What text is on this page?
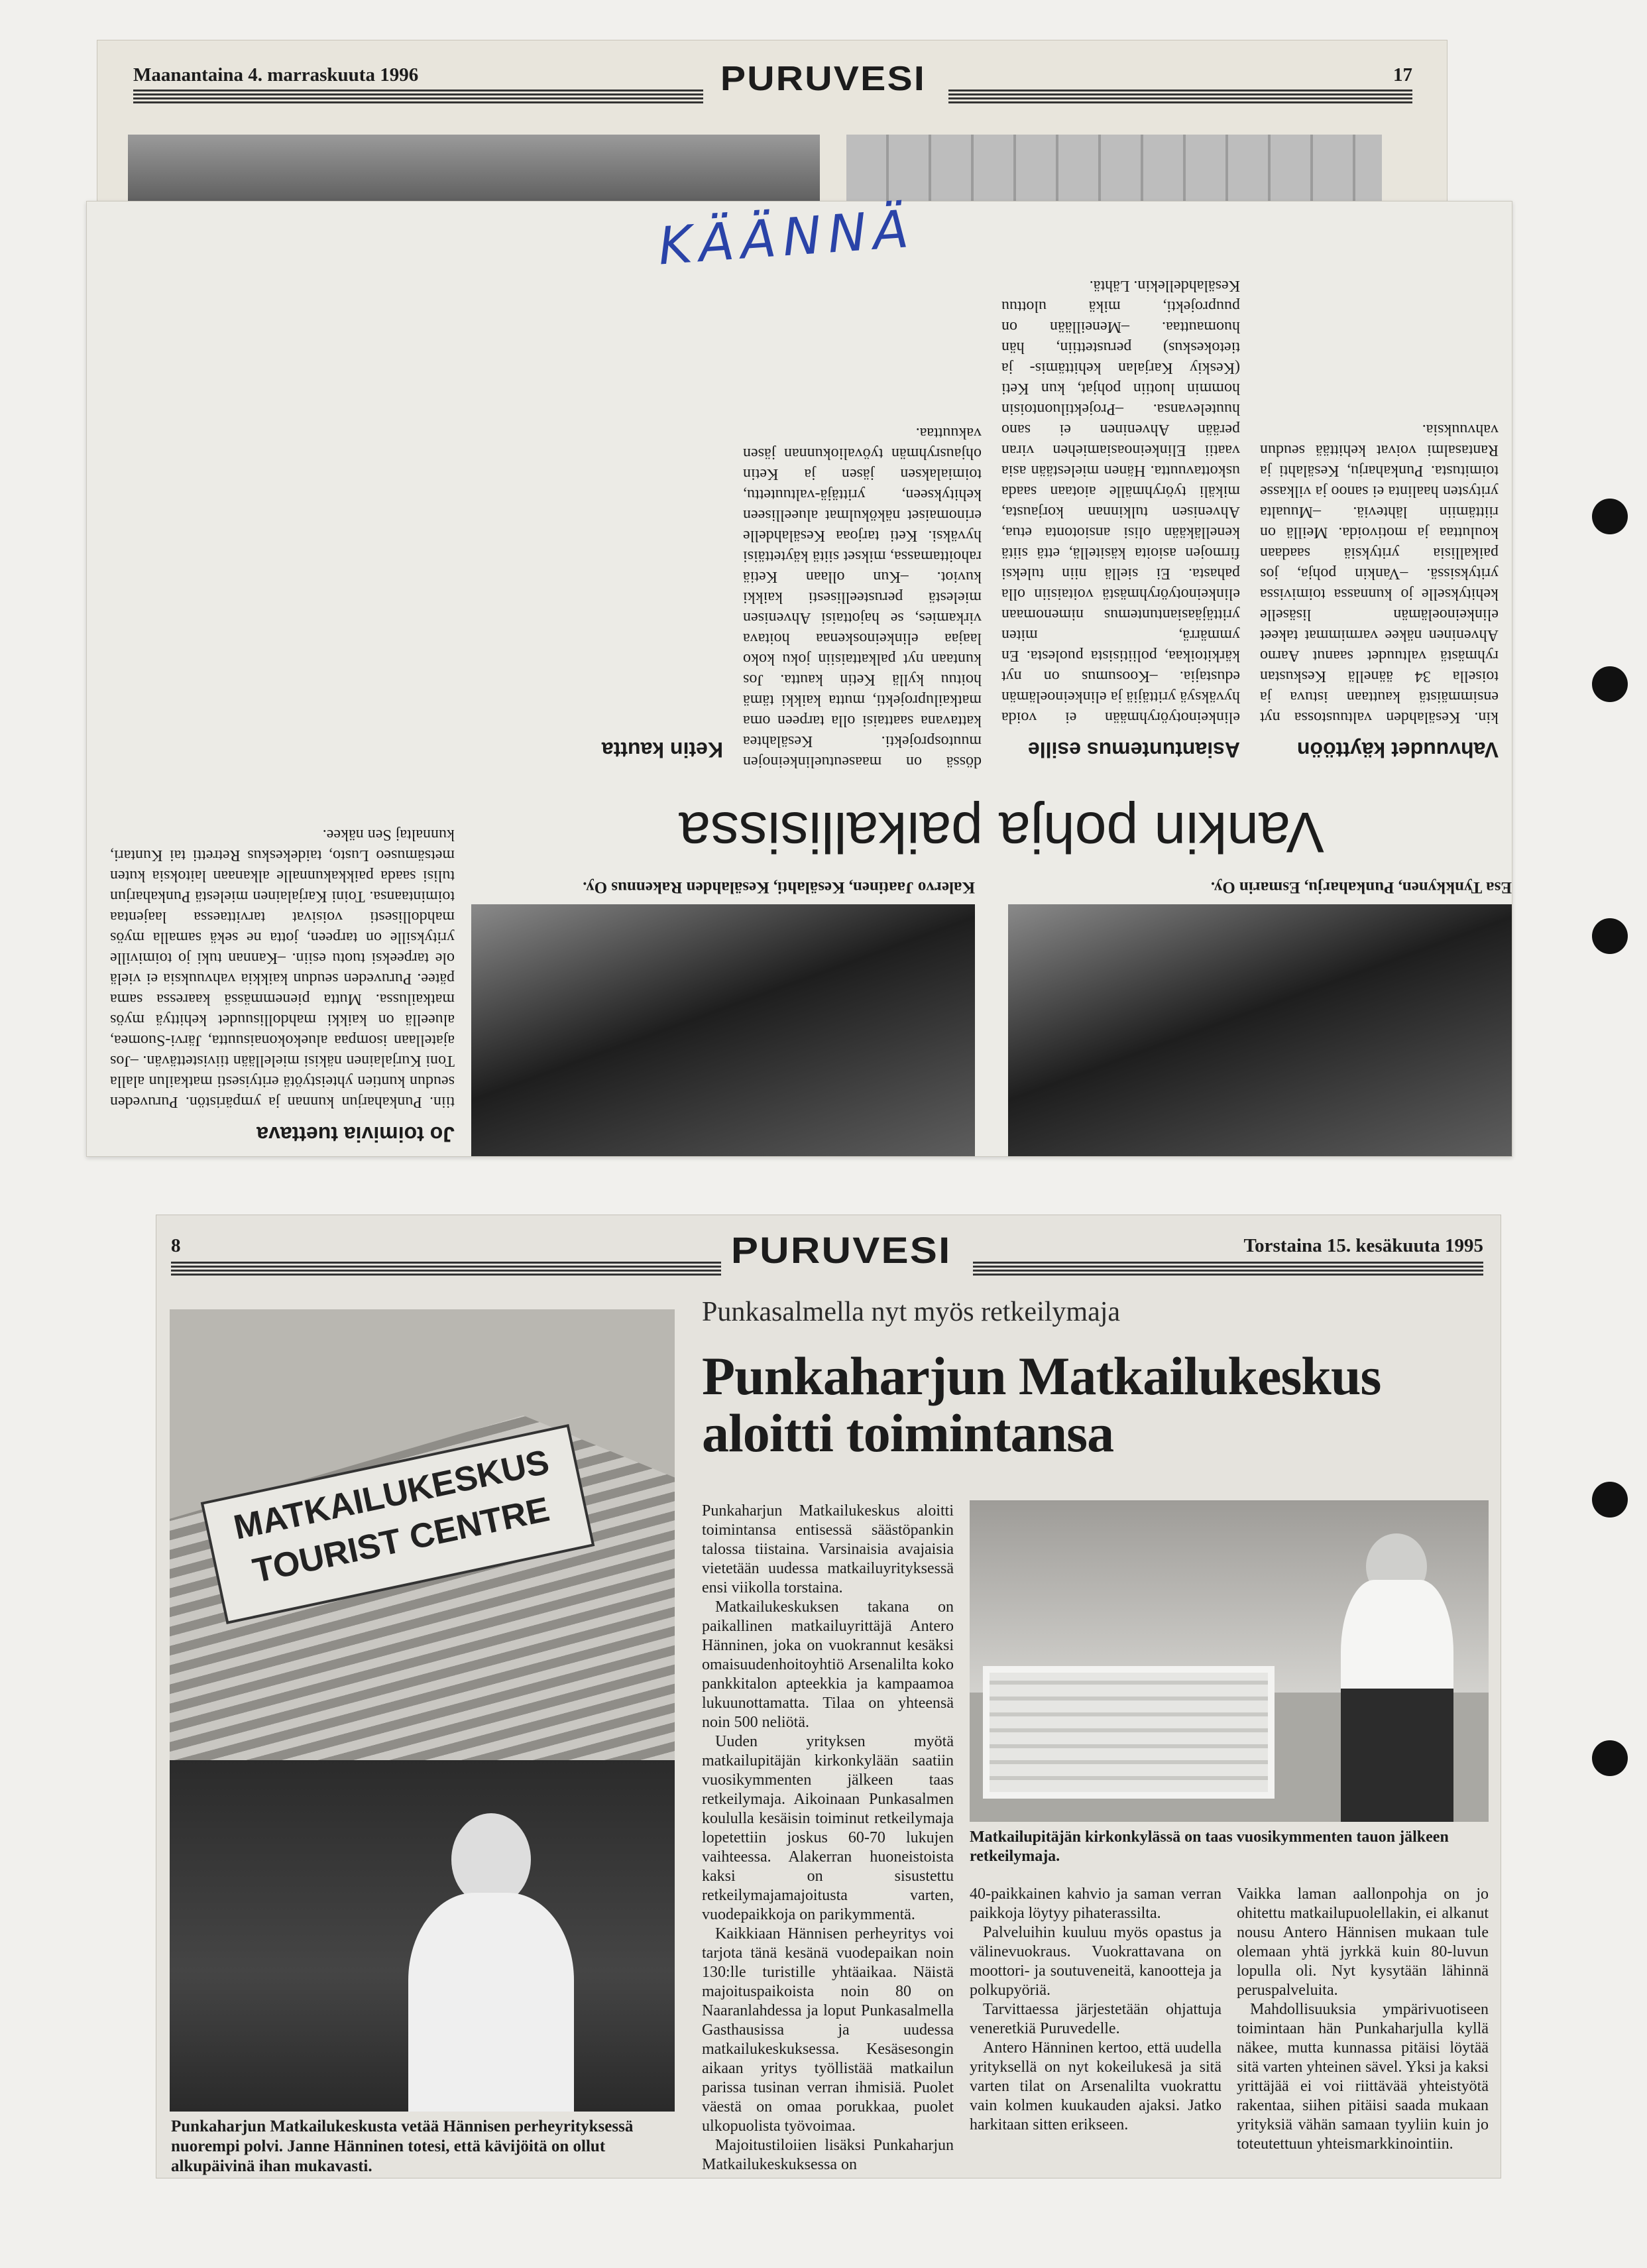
Maanantaina 4. marraskuuta 1996	PURUVESI	17
KÄÄNNÄ
Esa Tynkkynen, Punkaharju, Esmarin Oy.
Kalervo Jaatinen, Kesälahti, Kesälahden Rakennus Oy.
Vankin pohja paikallisissa
Jo toimivia tuettava
tiin. Punkaharjun kunnan ja ympäristön. Puruveden seudun kuntien yhteistyötä erityisesti matkailun alalla Toni Kurjalainen näkisi mielellään tiivistettävän. –Jos ajatellaan isompaa aluekokonaisuutta, Järvi-Suomea, alueellä on kaikki mahdollisuudet kehittyä myös matkailussa. Mutta pienemmässä kaaressa sama pätee. Puruveden seudun kaikkia vahvuuksia ei vielä ole tarpeeksi tuotu esiin. –Kannan tuki jo toimiville yrityksille on tarpeen, jotta ne sekä samalla myös mahdollisesti voisivat tarvittaessa laajentaa toimintaansa. Toini Karjalainen mielestä Punkaharjun tulisi saada paikkakunnalle alkanaan laitoksia kuten metsämuseo Lusto, taidekeskus Retretti tai Kuntari, kunnaltaj Sen näkee.
Vahvuudet käyttöön
kin. Kesälahden valtuustossa nyt ensimmäistä kauttaan istuva ja toisella 34 äänellä Keskustan ryhmästä valtuudet saanut Aarno Ahveninen näkee varmimmat takeet elinkeinoelämän lisäselle kehitykselle jo kunnassa toimivissa yrityksissä. –Vankin pohja, jos paikallisia yrityksiä saadaan kouluttaa ja motivoida. Meillä on riittämiin lähteviä. –Muualta yritysten haalinta ei sanoo ja vilkasse toimitusta. Punkaharju, Kesälahti ja Rantasalmi voivat kehittää seudun vahvuuksia.
Asiantuntemus esille
elinkeinotyöryhmään ei voida hyväksyä yrittäjiä ja elinkeinoelämän edustajia. –Koosumus on nyt kärkitoikaa, poliitisista puolesta. En ymmärrä, miten yrittäjäasiantuntemus nimenomaan elinkeinotyöryhmästä voitaisiin olla pahasta. Ei siellä niin tuleksi firmojen asioita käsitellä, että siitä kenelläkään olisi ansiotonta etua, Ahvenisen tulkinnan korjausta, mikäli työryhmälle aiotaan saada uskottavuutta. Hänen mielestään asia vaatii Elinkeinoasiamiehen viran perään Ahveninen ei sano huutelevansa. –Projektiluontoisin hommin luotiin pohjat, kun Keti (Keskiy Karjalan kehittämis- ja tietokeskus) perustettiin, hän huomauttaa. –Meneillään on puuprojekti, mikä ulottuu Kesälahdellekin. Lähtä.
dössä on maaseutuelinkeinojen muutosprojekti. Kesälahtea kattavana saattaisi olla tarpeen oma matkailuprojekti, mutta kaikki tämä hoituu kyllä Ketin kautta. Jos kuntaan nyt palkattaisiin joku koko laajaa elinkeinoskenaa hoitava virkamies, se hajottaisi Ahvenisen mielestä perusteellisesti kaikki kuviot. –Kun ollaan Ketiä rahoittamassa, mikset siitä käytettäisi hyväksi. Keti tarjoaa Kesälahdelle erinomaiset näkökulmat alueelliseen kehitykseen, yrittäjä-valtuutettu, toimialaksen jäsen ja Ketin ohjausryhmän työvaliokunnan jäsen vakuuttaa.
Ketin kautta
8	PURUVESI	Torstaina 15. kesäkuuta 1995
MATKAILUKESKUS TOURIST CENTRE
Punkaharjun Matkailukeskusta vetää Hännisen perheyrityksessä nuorempi polvi. Janne Hänninen totesi, että kävijöitä on ollut alkupäivinä ihan mukavasti.
Punkasalmella nyt myös retkeilymaja
Punkaharjun Matkailukeskus aloitti toimintansa

Punkaharjun Matkailukeskus aloitti toimintansa entisessä säästöpankin talossa tiistaina. Varsinaisia avajaisia vietetään uudessa matkailuyrityksessä ensi viikolla torstaina.

Matkailukeskuksen takana on paikallinen matkailuyrittäjä Antero Hänninen, joka on vuokrannut kesäksi omaisuudenhoitoyhtiö Arsenalilta koko pankkitalon apteekkia ja kampaamoa lukuunottamatta. Tilaa on yhteensä noin 500 neliötä.

Uuden yrityksen myötä matkailupitäjän kirkonkylään saatiin vuosikymmenten jälkeen taas retkeilymaja. Aikoinaan Punkasalmen koululla kesäisin toiminut retkeilymaja lopetettiin joskus 60-70 lukujen vaihteessa. Alakerran huoneistoista kaksi on sisustettu retkeilymajamajoitusta varten, vuodepaikkoja on parikymmentä.

Kaikkiaan Hännisen perheyritys voi tarjota tänä kesänä vuodepaikan noin 130:lle turistille yhtäaikaa. Näistä majoituspaikoista noin 80 on Naaranlahdessa ja loput Punkasalmella Gasthausissa ja uudessa matkailukeskuksessa. Kesäsesongin aikaan yritys työllistää matkailun parissa tusinan verran ihmisiä. Puolet väestä on omaa porukkaa, puolet ulkopuolista työvoimaa.

Majoitustiloiien lisäksi Punkaharjun Matkailukeskuksessa on

Matkailupitäjän kirkonkylässä on taas vuosikymmenten tauon jälkeen retkeilymaja.

40-paikkainen kahvio ja saman verran paikkoja löytyy pihaterassilta.

Palveluihin kuuluu myös opastus ja välinevuokraus. Vuokrattavana on moottori- ja soutuveneitä, kanootteja ja polkupyöriä.

Tarvittaessa järjestetään ohjattuja veneretkiä Puruvedelle.

Antero Hänninen kertoo, että uudella yrityksellä on nyt kokeilukesä ja sitä varten tilat on Arsenalilta vuokrattu vain kolmen kuukauden ajaksi. Jatko harkitaan sitten erikseen.

Vaikka laman aallonpohja on jo ohitettu matkailupuolellakin, ei alkanut nousu Antero Hännisen mukaan tule olemaan yhtä jyrkkä kuin 80-luvun lopulla oli. Nyt kysytään lähinnä peruspalveluita.

Mahdollisuuksia ympärivuotiseen toimintaan hän Punkaharjulla kyllä näkee, mutta kunnassa pitäisi löytää sitä varten yhteinen sävel. Yksi ja kaksi yrittäjää ei voi riittävää yhteistyötä rakentaa, siihen pitäisi saada mukaan yrityksiä vähän samaan tyyliin kuin jo toteutettuun yhteismarkkinointiin.
